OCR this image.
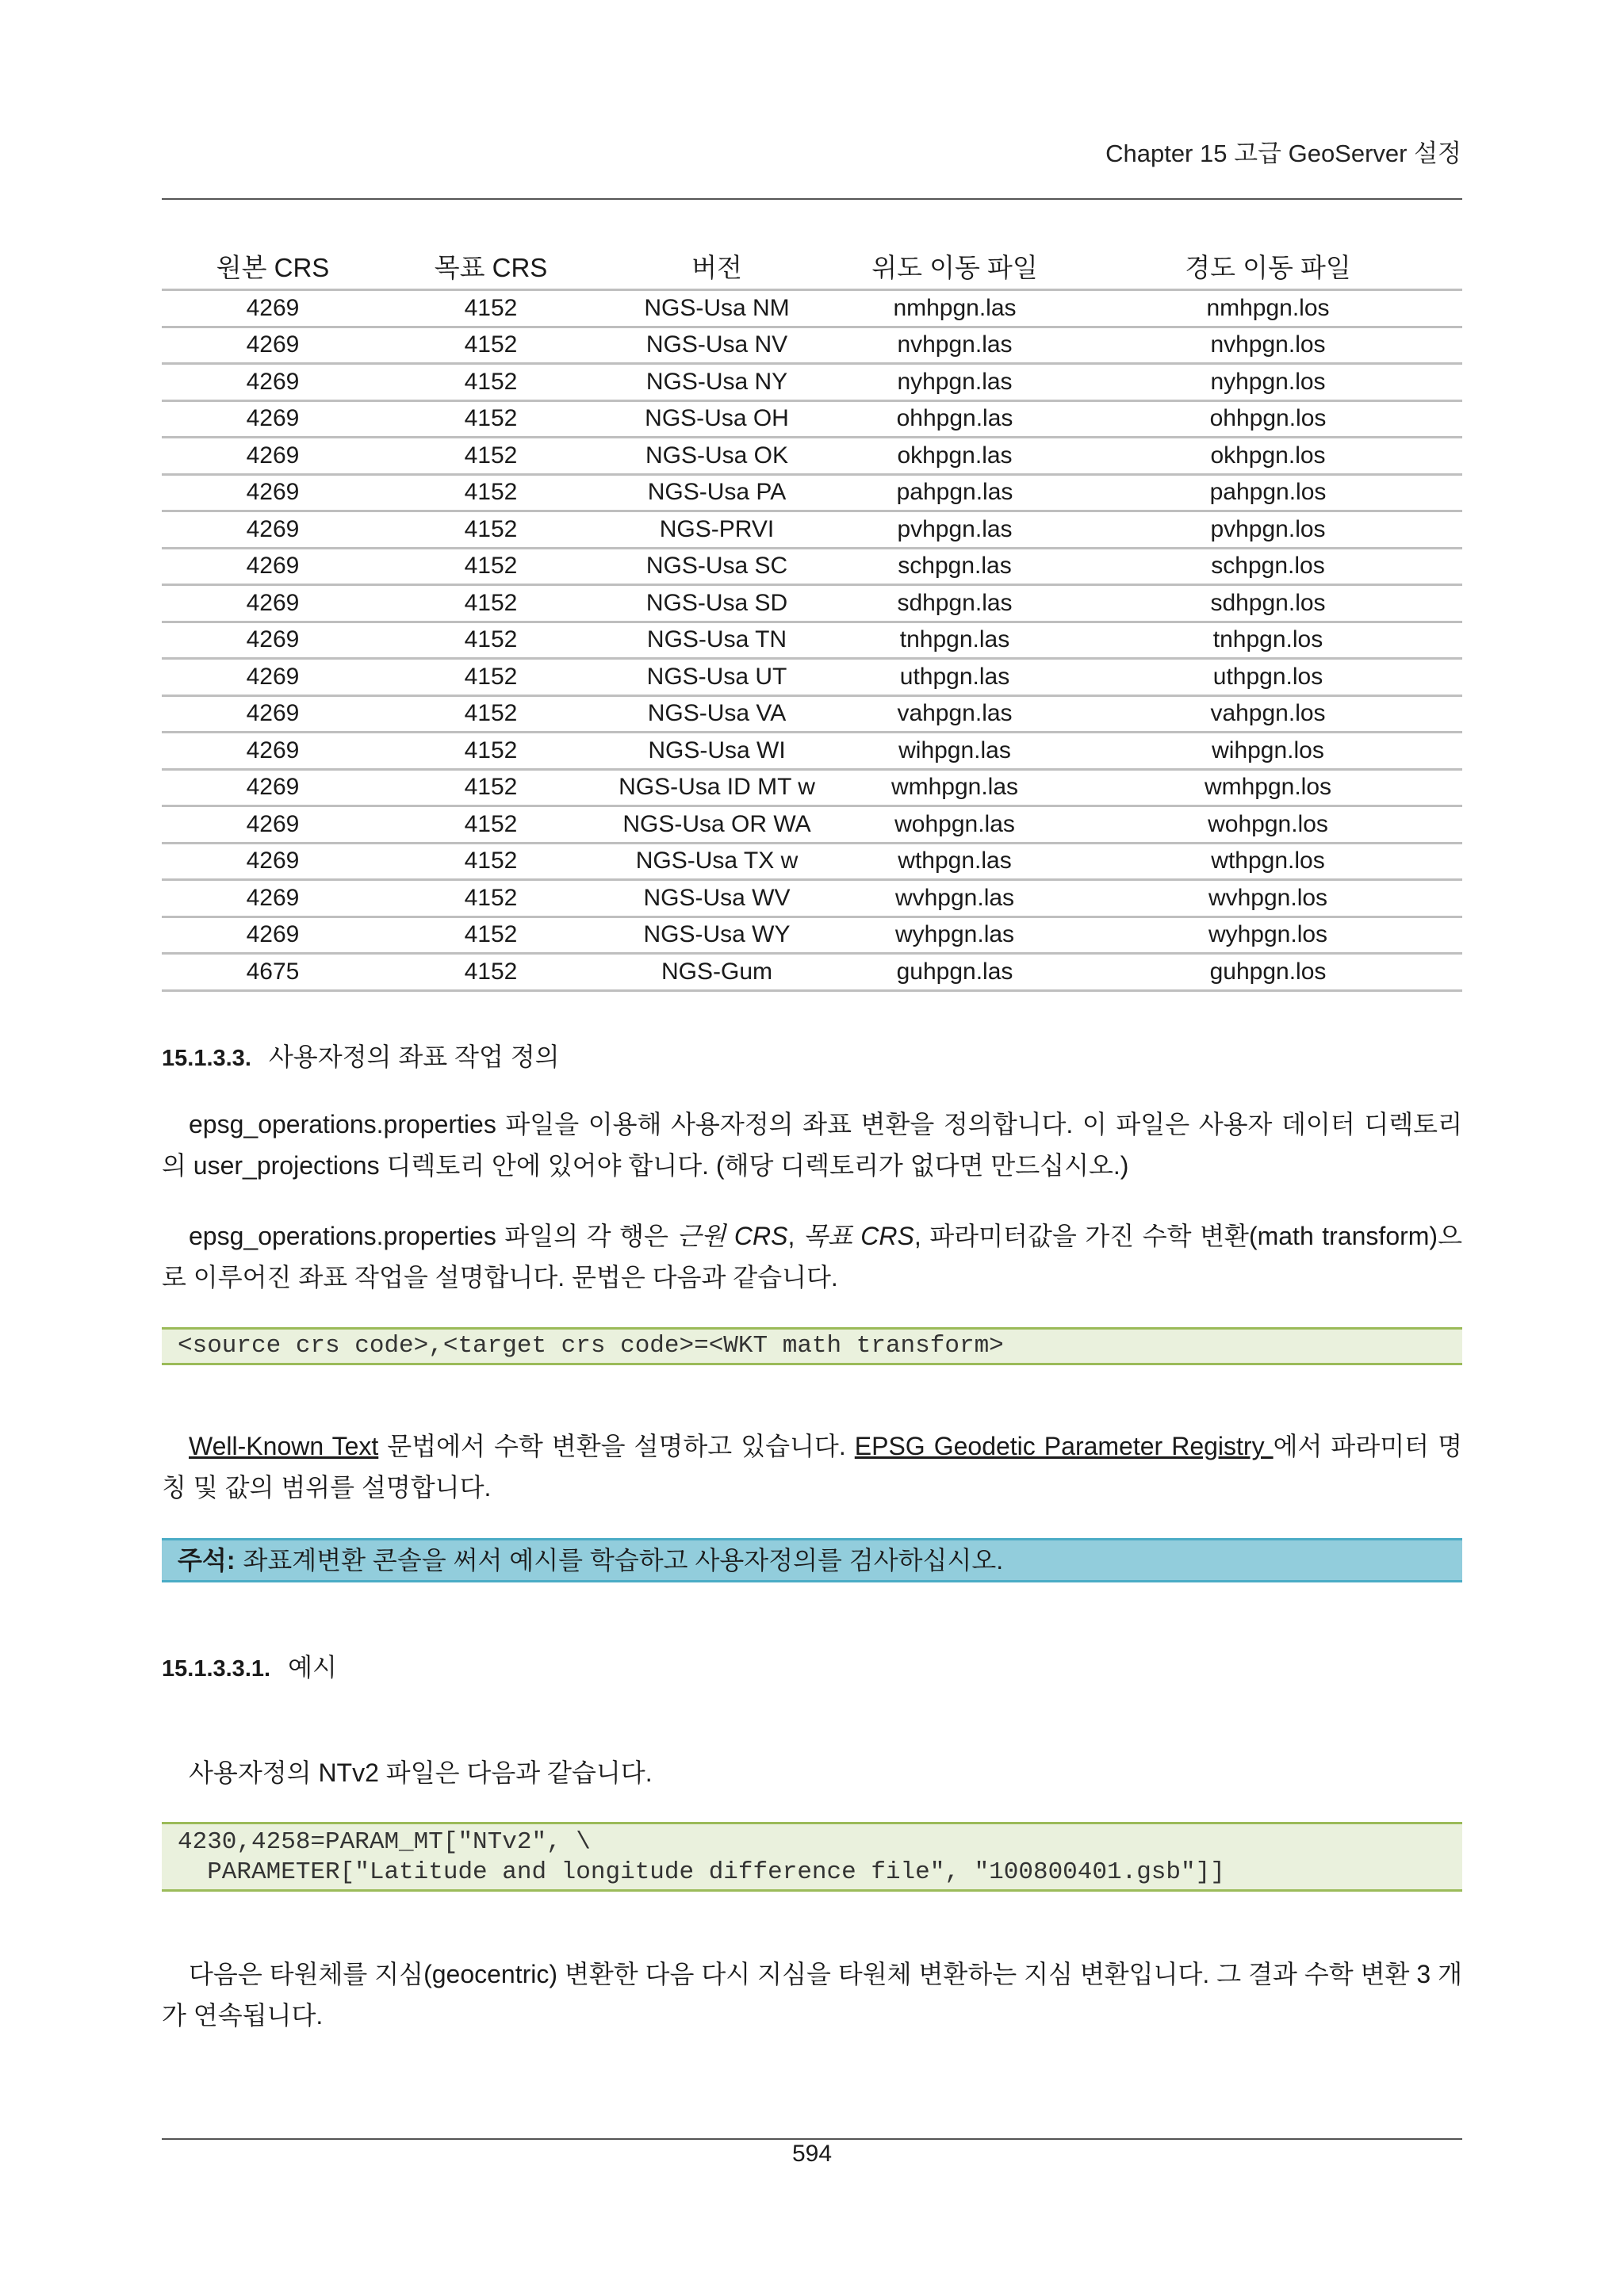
Chapter 15 고급 GeoServer 설정
원본 CRS	목표 CRS	버전	위도 이동 파일	경도 이동 파일
4269	4152	NGS-Usa NM	nmhpgn.las	nmhpgn.los
4269	4152	NGS-Usa NV	nvhpgn.las	nvhpgn.los
4269	4152	NGS-Usa NY	nyhpgn.las	nyhpgn.los
4269	4152	NGS-Usa OH	ohhpgn.las	ohhpgn.los
4269	4152	NGS-Usa OK	okhpgn.las	okhpgn.los
4269	4152	NGS-Usa PA	pahpgn.las	pahpgn.los
4269	4152	NGS-PRVI	pvhpgn.las	pvhpgn.los
4269	4152	NGS-Usa SC	schpgn.las	schpgn.los
4269	4152	NGS-Usa SD	sdhpgn.las	sdhpgn.los
4269	4152	NGS-Usa TN	tnhpgn.las	tnhpgn.los
4269	4152	NGS-Usa UT	uthpgn.las	uthpgn.los
4269	4152	NGS-Usa VA	vahpgn.las	vahpgn.los
4269	4152	NGS-Usa WI	wihpgn.las	wihpgn.los
4269	4152	NGS-Usa ID MT w	wmhpgn.las	wmhpgn.los
4269	4152	NGS-Usa OR WA	wohpgn.las	wohpgn.los
4269	4152	NGS-Usa TX w	wthpgn.las	wthpgn.los
4269	4152	NGS-Usa WV	wvhpgn.las	wvhpgn.los
4269	4152	NGS-Usa WY	wyhpgn.las	wyhpgn.los
4675	4152	NGS-Gum	guhpgn.las	guhpgn.los
15.1.3.3. 사용자정의 좌표 작업 정의

epsg_operations.properties 파일을 이용해 사용자정의 좌표 변환을 정의합니다. 이 파일은 사용자 데이터 디렉토리의 user_projections 디렉토리 안에 있어야 합니다. (해당 디렉토리가 없다면 만드십시오.)

epsg_operations.properties 파일의 각 행은 근원 CRS, 목표 CRS, 파라미터값을 가진 수학 변환(math transform)으로 이루어진 좌표 작업을 설명합니다. 문법은 다음과 같습니다.

<source crs code>,<target crs code>=<WKT math transform>

Well-Known Text 문법에서 수학 변환을 설명하고 있습니다. EPSG Geodetic Parameter Registry 에서 파라미터 명칭 및 값의 범위를 설명합니다.

주석: 좌표계변환 콘솔을 써서 예시를 학습하고 사용자정의를 검사하십시오.
15.1.3.3.1. 예시

사용자정의 NTv2 파일은 다음과 같습니다.

4230,4258=PARAM_MT["NTv2", \
PARAMETER["Latitude and longitude difference file", "100800401.gsb"]]

다음은 타원체를 지심(geocentric) 변환한 다음 다시 지심을 타원체 변환하는 지심 변환입니다. 그 결과 수학 변환 3 개가 연속됩니다.

594
